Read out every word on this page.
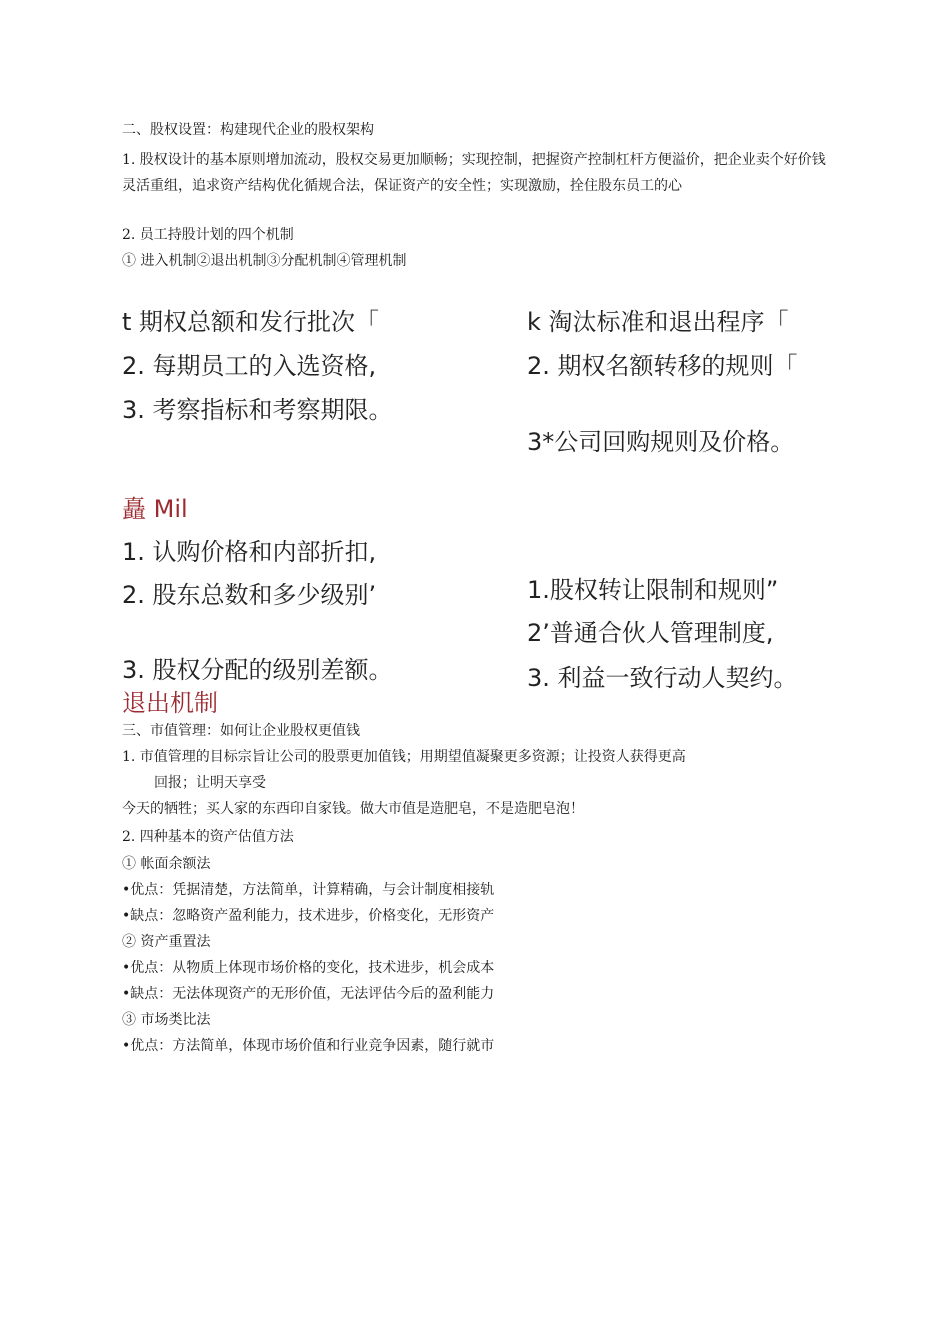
二、股权设置：构建现代企业的股权架构
1. 股权设计的基本原则增加流动，股权交易更加顺畅；实现控制，把握资产控制杠杆方便溢价，把企业卖个好价钱灵活重组，追求资产结构优化循规合法，保证资产的安全性；实现激励，拴住股东员工的心
2. 员工持股计划的四个机制
① 进入机制②退出机制③分配机制④管理机制
t 期权总额和发行批次「
2. 每期员工的入选资格,
3. 考察指标和考察期限。
k 淘汰标准和退出程序「
2. 期权名额转移的规则「
3*公司回购规则及价格。
矗 Mil
1. 认购价格和内部折扣,
2. 股东总数和多少级别’
3. 股权分配的级别差额。
1.股权转让限制和规则”
2’普通合伙人管理制度,
3. 利益一致行动人契约。
退出机制
三、市值管理：如何让企业股权更值钱
1. 市值管理的目标宗旨让公司的股票更加值钱；用期望值凝聚更多资源；让投资人获得更高
回报；让明天享受
今天的牺牲；买人家的东西印自家钱。做大市值是造肥皂，不是造肥皂泡！
2. 四种基本的资产估值方法
① 帐面余额法
•优点：凭据清楚，方法简单，计算精确，与会计制度相接轨
•缺点：忽略资产盈利能力，技术进步，价格变化，无形资产
② 资产重置法
•优点：从物质上体现市场价格的变化，技术进步，机会成本
•缺点：无法体现资产的无形价值，无法评估今后的盈利能力
③ 市场类比法
•优点：方法简单，体现市场价值和行业竞争因素，随行就市
